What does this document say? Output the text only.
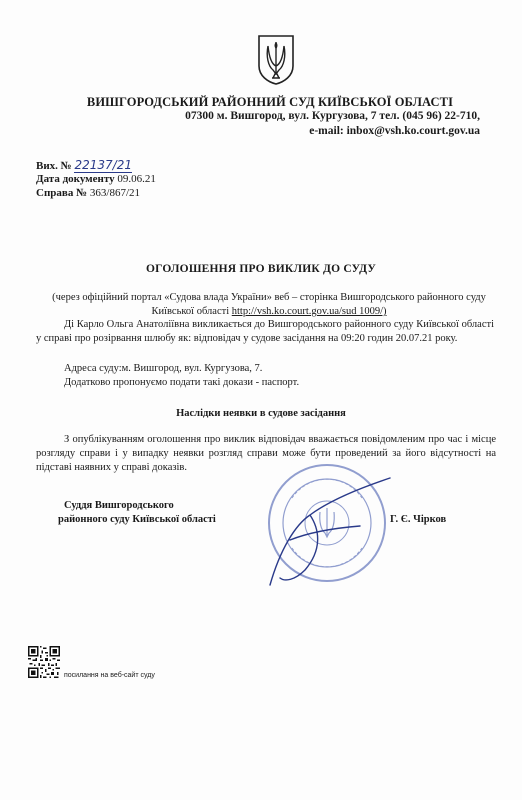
ВИШГОРОДСЬКИЙ РАЙОННИЙ СУД КИЇВСЬКОЇ ОБЛАСТІ
07300 м. Вишгород, вул. Кургузова, 7 тел. (045 96) 22-710,
e-mail: inbox@vsh.ko.court.gov.ua
Вих. № 22137/21
Дата документу 09.06.21
Справа № 363/867/21
ОГОЛОШЕННЯ ПРО ВИКЛИК ДО СУДУ
(через офіційний портал «Судова влада України» веб – сторінка Вишгородського районного суду Київської області http://vsh.ko.court.gov.ua/sud 1009/)
Ді Карло Ольга Анатоліївна викликається до Вишгородського районного суду Київської області у справі про розірвання шлюбу як: відповідач у судове засідання на 09:20 годин 20.07.21 року.
Адреса суду:м. Вишгород, вул. Кургузова, 7.
Додатково пропонуємо подати такі докази - паспорт.
Наслідки неявки в судове засідання
З опублікуванням оголошення про виклик відповідач вважається повідомленим про час і місце розгляду справи і у випадку неявки розгляд справи може бути проведений за його відсутності на підставі наявних у справі доказів.
Суддя Вишгородського
районного суду Київської області	Г. Є. Чірков
посилання на веб-сайт суду
